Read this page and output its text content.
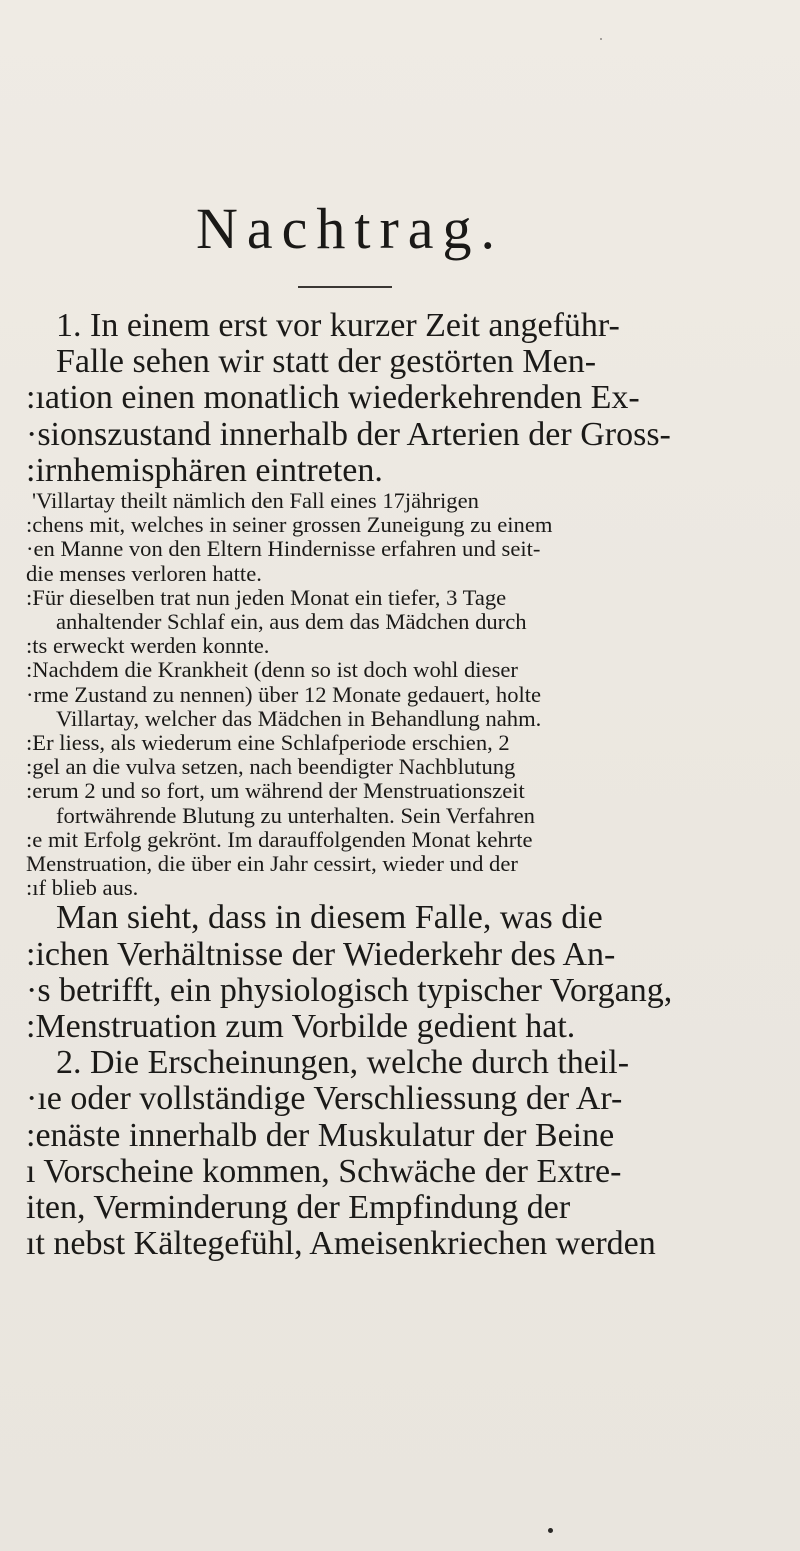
Nachtrag.
1. In einem erst vor kurzer Zeit angeführ-
Falle sehen wir statt der gestörten Men-
:ıation einen monatlich wiederkehrenden Ex-
·sionszustand innerhalb der Arterien der Gross-
:irnhemisphären eintreten.
'Villartay theilt nämlich den Fall eines 17jährigen
:chens mit, welches in seiner grossen Zuneigung zu einem
·en Manne von den Eltern Hindernisse erfahren und seit-
die menses verloren hatte.
:Für dieselben trat nun jeden Monat ein tiefer, 3 Tage
anhaltender Schlaf ein, aus dem das Mädchen durch
:ts erweckt werden konnte.
:Nachdem die Krankheit (denn so ist doch wohl dieser
·rme Zustand zu nennen) über 12 Monate gedauert, holte
Villartay, welcher das Mädchen in Behandlung nahm.
:Er liess, als wiederum eine Schlafperiode erschien, 2
:gel an die vulva setzen, nach beendigter Nachblutung
:erum 2 und so fort, um während der Menstruationszeit
fortwährende Blutung zu unterhalten. Sein Verfahren
:e mit Erfolg gekrönt. Im darauffolgenden Monat kehrte
Menstruation, die über ein Jahr cessirt, wieder und der
:ıf blieb aus.
Man sieht, dass in diesem Falle, was die
:ichen Verhältnisse der Wiederkehr des An-
·s betrifft, ein physiologisch typischer Vorgang,
:Menstruation zum Vorbilde gedient hat.
2. Die Erscheinungen, welche durch theil-
·ıe oder vollständige Verschliessung der Ar-
:enäste innerhalb der Muskulatur der Beine
ı Vorscheine kommen, Schwäche der Extre-
iten, Verminderung der Empfindung der
ıt nebst Kältegefühl, Ameisenkriechen werden
